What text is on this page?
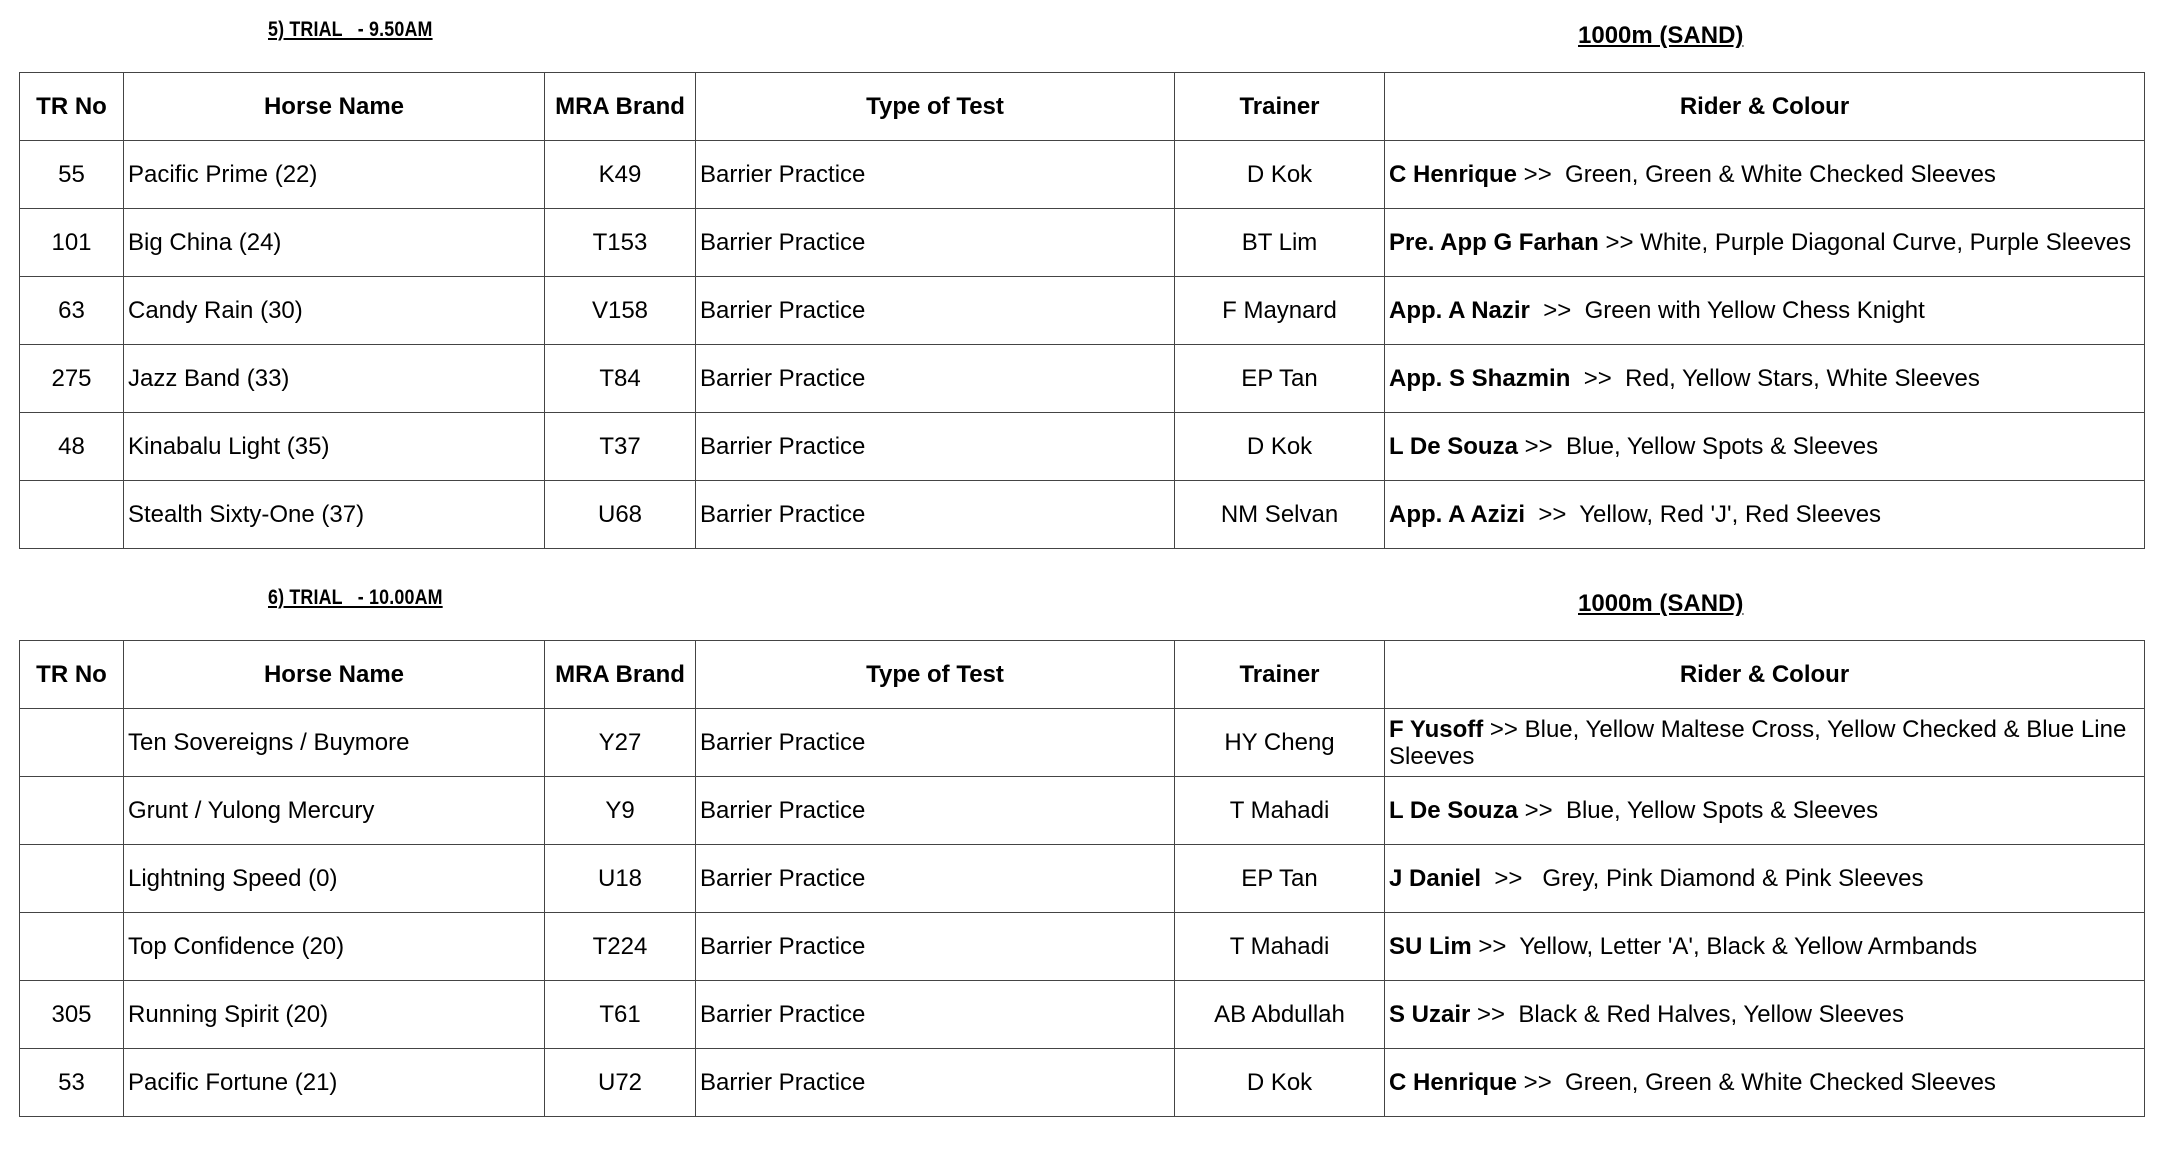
5) TRIAL   - 9.50AM	1000m (SAND)
TR No	Horse Name	MRA Brand	Type of Test	Trainer	Rider & Colour
55	Pacific Prime (22)	K49	Barrier Practice	D Kok	C Henrique >>  Green, Green & White Checked Sleeves
101	Big China (24)	T153	Barrier Practice	BT Lim	Pre. App G Farhan >> White, Purple Diagonal Curve, Purple Sleeves
63	Candy Rain (30)	V158	Barrier Practice	F Maynard	App. A Nazir  >>  Green with Yellow Chess Knight
275	Jazz Band (33)	T84	Barrier Practice	EP Tan	App. S Shazmin  >>  Red, Yellow Stars, White Sleeves
48	Kinabalu Light (35)	T37	Barrier Practice	D Kok	L De Souza >>  Blue, Yellow Spots & Sleeves
	Stealth Sixty-One (37)	U68	Barrier Practice	NM Selvan	App. A Azizi  >>  Yellow, Red 'J', Red Sleeves
6) TRIAL   - 10.00AM	1000m (SAND)
TR No	Horse Name	MRA Brand	Type of Test	Trainer	Rider & Colour
	Ten Sovereigns / Buymore	Y27	Barrier Practice	HY Cheng	F Yusoff >> Blue, Yellow Maltese Cross, Yellow Checked & Blue Line Sleeves
	Grunt / Yulong Mercury	Y9	Barrier Practice	T Mahadi	L De Souza >>  Blue, Yellow Spots & Sleeves
	Lightning Speed (0)	U18	Barrier Practice	EP Tan	J Daniel  >>   Grey, Pink Diamond & Pink Sleeves
	Top Confidence (20)	T224	Barrier Practice	T Mahadi	SU Lim >>  Yellow, Letter 'A', Black & Yellow Armbands
305	Running Spirit (20)	T61	Barrier Practice	AB Abdullah	S Uzair >>  Black & Red Halves, Yellow Sleeves
53	Pacific Fortune (21)	U72	Barrier Practice	D Kok	C Henrique >>  Green, Green & White Checked Sleeves
